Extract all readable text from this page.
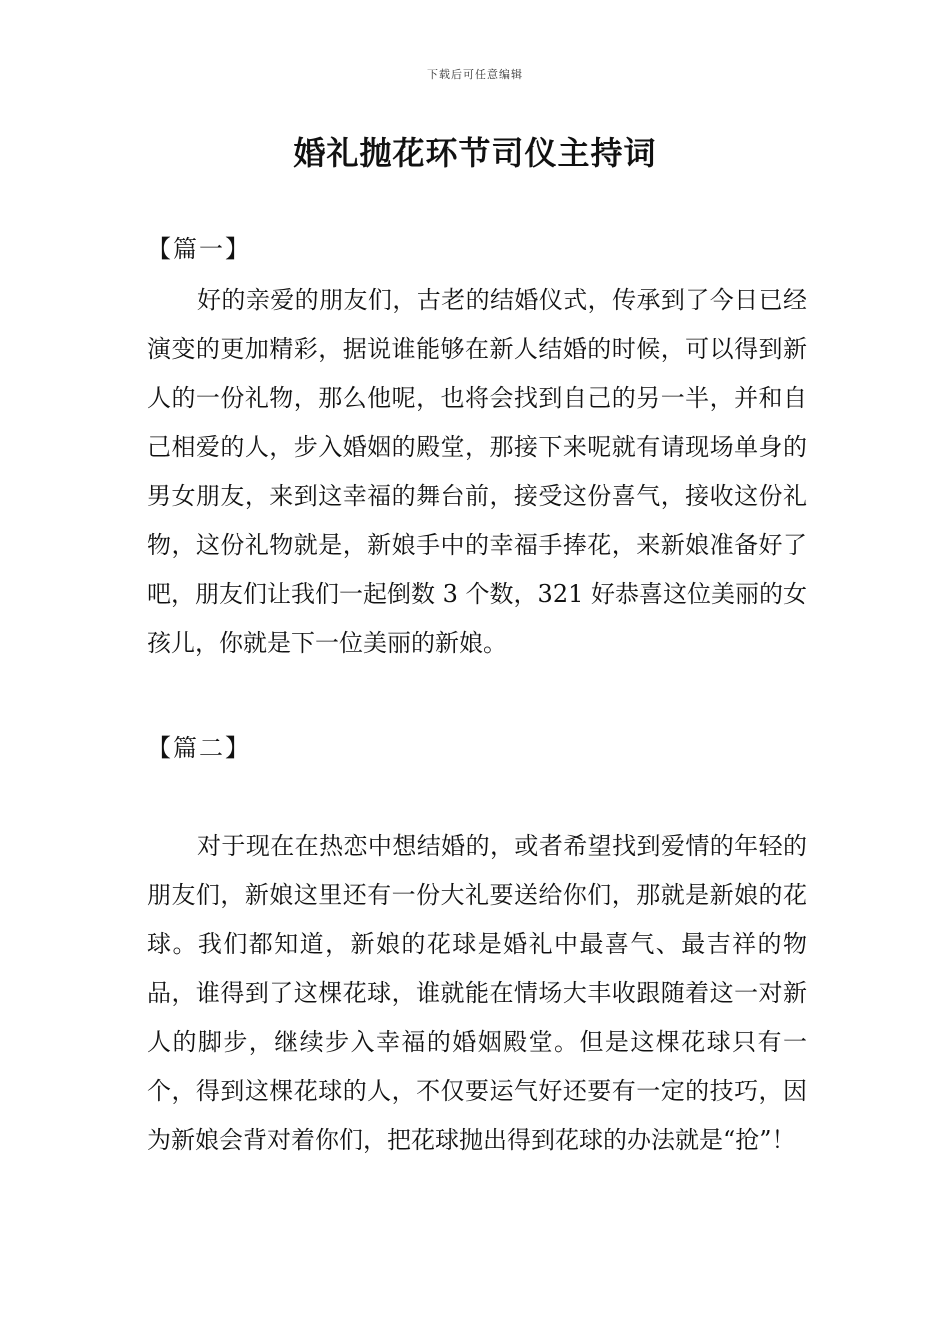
下载后可任意编辑
婚礼抛花环节司仪主持词
【篇一】

好的亲爱的朋友们，古老的结婚仪式，传承到了今日已经演变的更加精彩，据说谁能够在新人结婚的时候，可以得到新人的一份礼物，那么他呢，也将会找到自己的另一半，并和自己相爱的人，步入婚姻的殿堂，那接下来呢就有请现场单身的男女朋友，来到这幸福的舞台前，接受这份喜气，接收这份礼物，这份礼物就是，新娘手中的幸福手捧花，来新娘准备好了吧，朋友们让我们一起倒数 3 个数，321 好恭喜这位美丽的女孩儿，你就是下一位美丽的新娘。

【篇二】

对于现在在热恋中想结婚的，或者希望找到爱情的年轻的朋友们，新娘这里还有一份大礼要送给你们，那就是新娘的花球。我们都知道，新娘的花球是婚礼中最喜气、最吉祥的物品，谁得到了这棵花球，谁就能在情场大丰收跟随着这一对新人的脚步，继续步入幸福的婚姻殿堂。但是这棵花球只有一个，得到这棵花球的人，不仅要运气好还要有一定的技巧，因为新娘会背对着你们，把花球抛出得到花球的办法就是“抢”！
